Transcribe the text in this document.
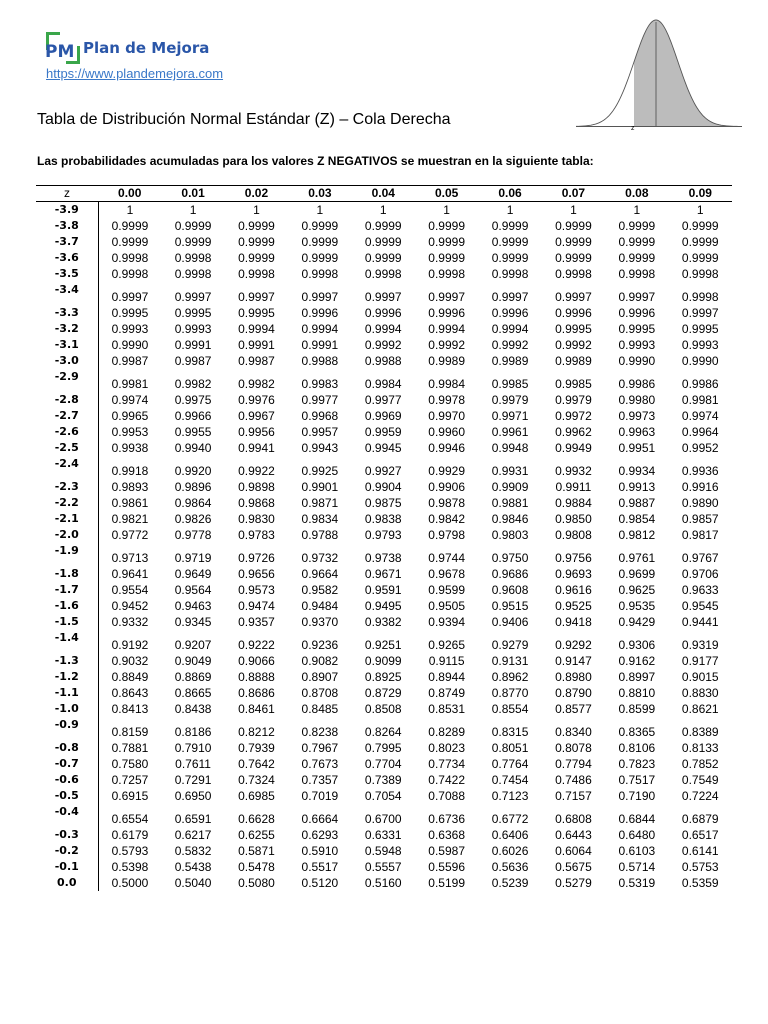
PM Plan de Mejora
https://www.plandemejora.com
Tabla de Distribución Normal Estándar (Z) – Cola Derecha
z
Las probabilidades acumuladas para los valores Z NEGATIVOS se muestran en la siguiente tabla:
z	0.00	0.01	0.02	0.03	0.04	0.05	0.06	0.07	0.08	0.09
-3.9	1	1	1	1	1	1	1	1	1	1
-3.8	0.9999	0.9999	0.9999	0.9999	0.9999	0.9999	0.9999	0.9999	0.9999	0.9999
-3.7	0.9999	0.9999	0.9999	0.9999	0.9999	0.9999	0.9999	0.9999	0.9999	0.9999
-3.6	0.9998	0.9998	0.9999	0.9999	0.9999	0.9999	0.9999	0.9999	0.9999	0.9999
-3.5	0.9998	0.9998	0.9998	0.9998	0.9998	0.9998	0.9998	0.9998	0.9998	0.9998
-3.4	0.9997	0.9997	0.9997	0.9997	0.9997	0.9997	0.9997	0.9997	0.9997	0.9998
-3.3	0.9995	0.9995	0.9995	0.9996	0.9996	0.9996	0.9996	0.9996	0.9996	0.9997
-3.2	0.9993	0.9993	0.9994	0.9994	0.9994	0.9994	0.9994	0.9995	0.9995	0.9995
-3.1	0.9990	0.9991	0.9991	0.9991	0.9992	0.9992	0.9992	0.9992	0.9993	0.9993
-3.0	0.9987	0.9987	0.9987	0.9988	0.9988	0.9989	0.9989	0.9989	0.9990	0.9990
-2.9	0.9981	0.9982	0.9982	0.9983	0.9984	0.9984	0.9985	0.9985	0.9986	0.9986
-2.8	0.9974	0.9975	0.9976	0.9977	0.9977	0.9978	0.9979	0.9979	0.9980	0.9981
-2.7	0.9965	0.9966	0.9967	0.9968	0.9969	0.9970	0.9971	0.9972	0.9973	0.9974
-2.6	0.9953	0.9955	0.9956	0.9957	0.9959	0.9960	0.9961	0.9962	0.9963	0.9964
-2.5	0.9938	0.9940	0.9941	0.9943	0.9945	0.9946	0.9948	0.9949	0.9951	0.9952
-2.4	0.9918	0.9920	0.9922	0.9925	0.9927	0.9929	0.9931	0.9932	0.9934	0.9936
-2.3	0.9893	0.9896	0.9898	0.9901	0.9904	0.9906	0.9909	0.9911	0.9913	0.9916
-2.2	0.9861	0.9864	0.9868	0.9871	0.9875	0.9878	0.9881	0.9884	0.9887	0.9890
-2.1	0.9821	0.9826	0.9830	0.9834	0.9838	0.9842	0.9846	0.9850	0.9854	0.9857
-2.0	0.9772	0.9778	0.9783	0.9788	0.9793	0.9798	0.9803	0.9808	0.9812	0.9817
-1.9	0.9713	0.9719	0.9726	0.9732	0.9738	0.9744	0.9750	0.9756	0.9761	0.9767
-1.8	0.9641	0.9649	0.9656	0.9664	0.9671	0.9678	0.9686	0.9693	0.9699	0.9706
-1.7	0.9554	0.9564	0.9573	0.9582	0.9591	0.9599	0.9608	0.9616	0.9625	0.9633
-1.6	0.9452	0.9463	0.9474	0.9484	0.9495	0.9505	0.9515	0.9525	0.9535	0.9545
-1.5	0.9332	0.9345	0.9357	0.9370	0.9382	0.9394	0.9406	0.9418	0.9429	0.9441
-1.4	0.9192	0.9207	0.9222	0.9236	0.9251	0.9265	0.9279	0.9292	0.9306	0.9319
-1.3	0.9032	0.9049	0.9066	0.9082	0.9099	0.9115	0.9131	0.9147	0.9162	0.9177
-1.2	0.8849	0.8869	0.8888	0.8907	0.8925	0.8944	0.8962	0.8980	0.8997	0.9015
-1.1	0.8643	0.8665	0.8686	0.8708	0.8729	0.8749	0.8770	0.8790	0.8810	0.8830
-1.0	0.8413	0.8438	0.8461	0.8485	0.8508	0.8531	0.8554	0.8577	0.8599	0.8621
-0.9	0.8159	0.8186	0.8212	0.8238	0.8264	0.8289	0.8315	0.8340	0.8365	0.8389
-0.8	0.7881	0.7910	0.7939	0.7967	0.7995	0.8023	0.8051	0.8078	0.8106	0.8133
-0.7	0.7580	0.7611	0.7642	0.7673	0.7704	0.7734	0.7764	0.7794	0.7823	0.7852
-0.6	0.7257	0.7291	0.7324	0.7357	0.7389	0.7422	0.7454	0.7486	0.7517	0.7549
-0.5	0.6915	0.6950	0.6985	0.7019	0.7054	0.7088	0.7123	0.7157	0.7190	0.7224
-0.4	0.6554	0.6591	0.6628	0.6664	0.6700	0.6736	0.6772	0.6808	0.6844	0.6879
-0.3	0.6179	0.6217	0.6255	0.6293	0.6331	0.6368	0.6406	0.6443	0.6480	0.6517
-0.2	0.5793	0.5832	0.5871	0.5910	0.5948	0.5987	0.6026	0.6064	0.6103	0.6141
-0.1	0.5398	0.5438	0.5478	0.5517	0.5557	0.5596	0.5636	0.5675	0.5714	0.5753
0.0	0.5000	0.5040	0.5080	0.5120	0.5160	0.5199	0.5239	0.5279	0.5319	0.5359
